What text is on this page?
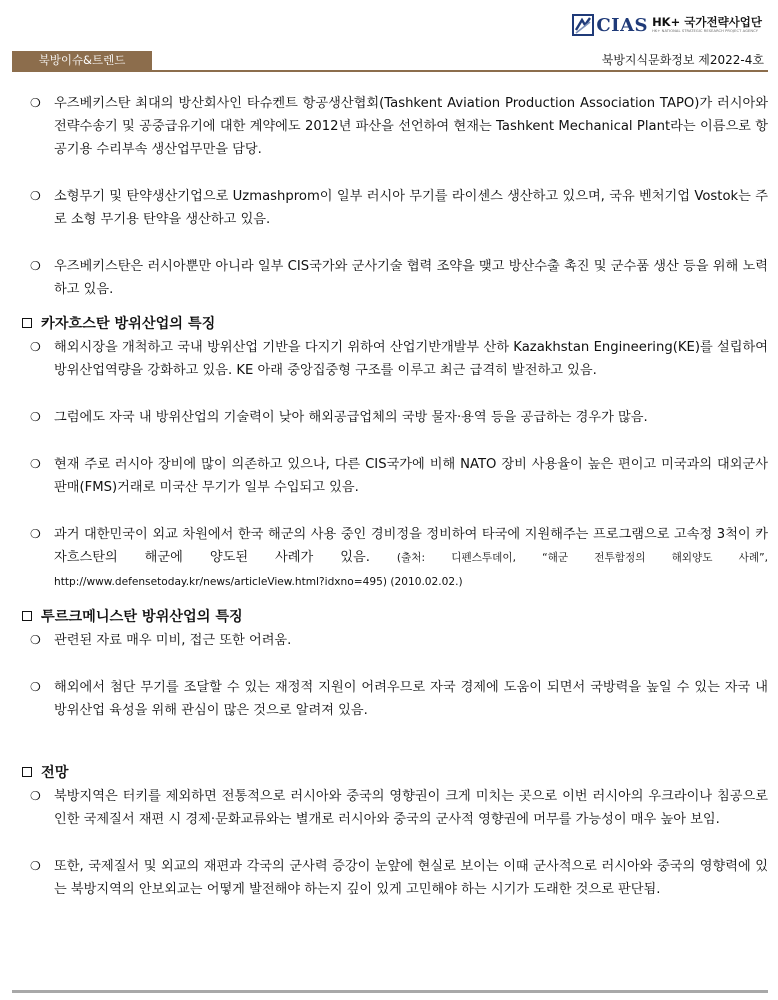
CIAS HK+ 국가전략사업단
HK+ NATIONAL STRATEGIC RESEARCH PROJECT AGENCY
북방이슈&트렌드	북방지식문화정보 제2022-4호
❍ 우즈베키스탄 최대의 방산회사인 타슈켄트 항공생산협회(Tashkent Aviation Production Association TAPO)가 러시아와 전략수송기 및 공중급유기에 대한 계약에도 2012년 파산을 선언하여 현재는 Tashkent Mechanical Plant라는 이름으로 항공기용 수리부속 생산업무만을 담당.
❍ 소형무기 및 탄약생산기업으로 Uzmashprom이 일부 러시아 무기를 라이센스 생산하고 있으며, 국유 벤처기업 Vostok는 주로 소형 무기용 탄약을 생산하고 있음.
❍ 우즈베키스탄은 러시아뿐만 아니라 일부 CIS국가와 군사기술 협력 조약을 맺고 방산수출 촉진 및 군수품 생산 등을 위해 노력하고 있음.
카자흐스탄 방위산업의 특징
❍ 해외시장을 개척하고 국내 방위산업 기반을 다지기 위하여 산업기반개발부 산하 Kazakhstan Engineering(KE)를 설립하여 방위산업역량을 강화하고 있음. KE 아래 중앙집중형 구조를 이루고 최근 급격히 발전하고 있음.
❍ 그럼에도 자국 내 방위산업의 기술력이 낮아 해외공급업체의 국방 물자·용역 등을 공급하는 경우가 많음.
❍ 현재 주로 러시아 장비에 많이 의존하고 있으나, 다른 CIS국가에 비해 NATO 장비 사용율이 높은 편이고 미국과의 대외군사판매(FMS)거래로 미국산 무기가 일부 수입되고 있음.
❍ 과거 대한민국이 외교 차원에서 한국 해군의 사용 중인 경비정을 정비하여 타국에 지원해주는 프로그램으로 고속정 3척이 카자흐스탄의 해군에 양도된 사례가 있음.	(출처: 디펜스투데이, “해군 전투함정의 해외양도 사례”, http://www.defensetoday.kr/news/articleView.html?idxno=495) (2010.02.02.)
투르크메니스탄 방위산업의 특징
❍ 관련된 자료 매우 미비, 접근 또한 어려움.
❍ 해외에서 첨단 무기를 조달할 수 있는 재정적 지원이 어려우므로 자국 경제에 도움이 되면서 국방력을 높일 수 있는 자국 내 방위산업 육성을 위해 관심이 많은 것으로 알려져 있음.
전망
❍ 북방지역은 터키를 제외하면 전통적으로 러시아와 중국의 영향권이 크게 미치는 곳으로 이번 러시아의 우크라이나 침공으로 인한 국제질서 재편 시 경제·문화교류와는 별개로 러시아와 중국의 군사적 영향권에 머무를 가능성이 매우 높아 보임.
❍ 또한, 국제질서 및 외교의 재편과 각국의 군사력 증강이 눈앞에 현실로 보이는 이때 군사적으로 러시아와 중국의 영향력에 있는 북방지역의 안보외교는 어떻게 발전해야 하는지 깊이 있게 고민해야 하는 시기가 도래한 것으로 판단됨.
